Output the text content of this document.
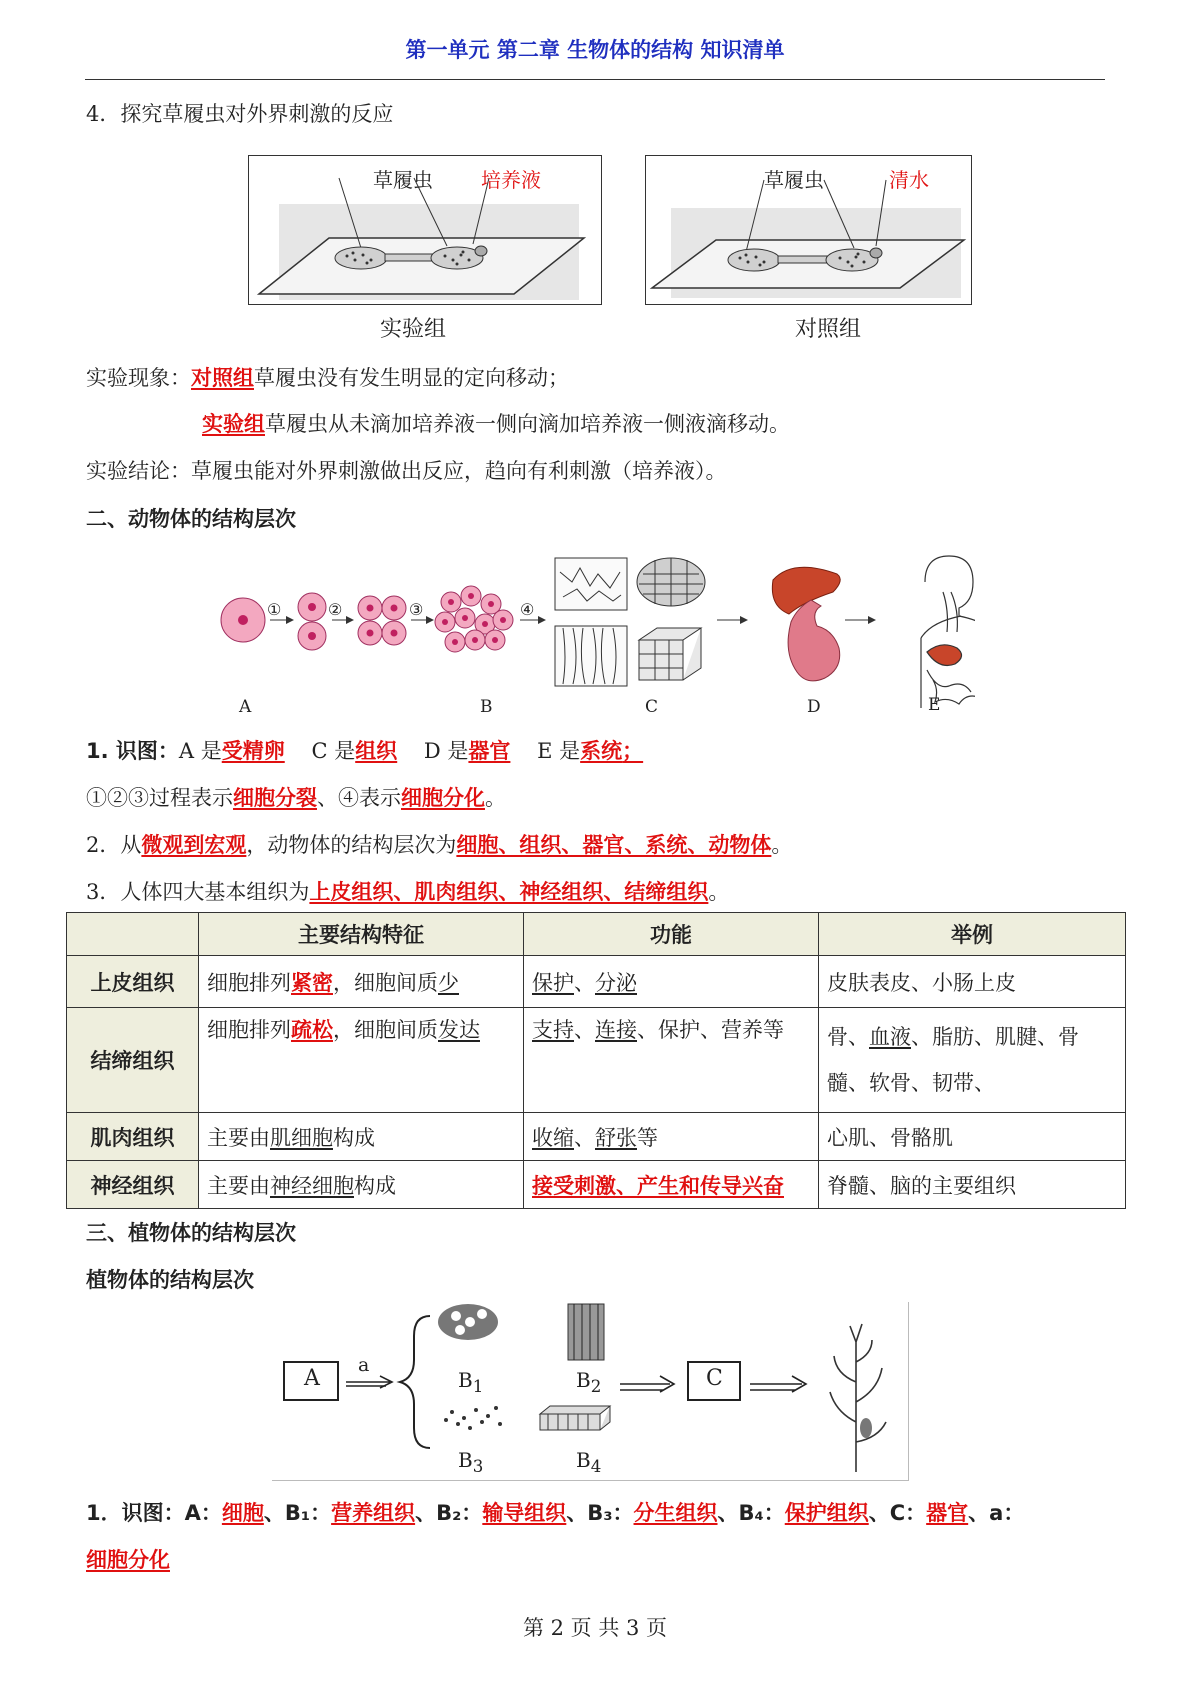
第一单元 第二章 生物体的结构 知识清单
4．探究草履虫对外界刺激的反应
草履虫 培养液
实验组
草履虫	清水
对照组
实验现象：对照组草履虫没有发生明显的定向移动；
实验组草履虫从未滴加培养液一侧向滴加培养液一侧液滴移动。
实验结论：草履虫能对外界刺激做出反应，趋向有利刺激（培养液）。
二、动物体的结构层次
①	②	③	④
A	B	C	D	E
1. 识图：A 是受精卵 C 是组织 D 是器官 E 是系统；
①②③过程表示细胞分裂、④表示细胞分化。
2．从微观到宏观，动物体的结构层次为细胞、组织、器官、系统、动物体。
3．人体四大基本组织为上皮组织、肌肉组织、神经组织、结缔组织。
	主要结构特征	功能	举例
上皮组织	细胞排列紧密，细胞间质少	保护、分泌	皮肤表皮、小肠上皮
结缔组织	细胞排列疏松，细胞间质发达	支持、连接、保护、营养等	骨、血液、脂肪、肌腱、骨
髓、软骨、韧带、
肌肉组织	主要由肌细胞构成	收缩、舒张等	心肌、骨骼肌
神经组织	主要由神经细胞构成	接受刺激、产生和传导兴奋	脊髓、脑的主要组织
三、植物体的结构层次
植物体的结构层次
A
a
$B_1$	$B_2$
$B_3$	$B_4$
C
1．识图：A：细胞、B₁：营养组织、B₂：输导组织、B₃：分生组织、B₄：保护组织、C：器官、a：
细胞分化
第 2 页 共 3 页
